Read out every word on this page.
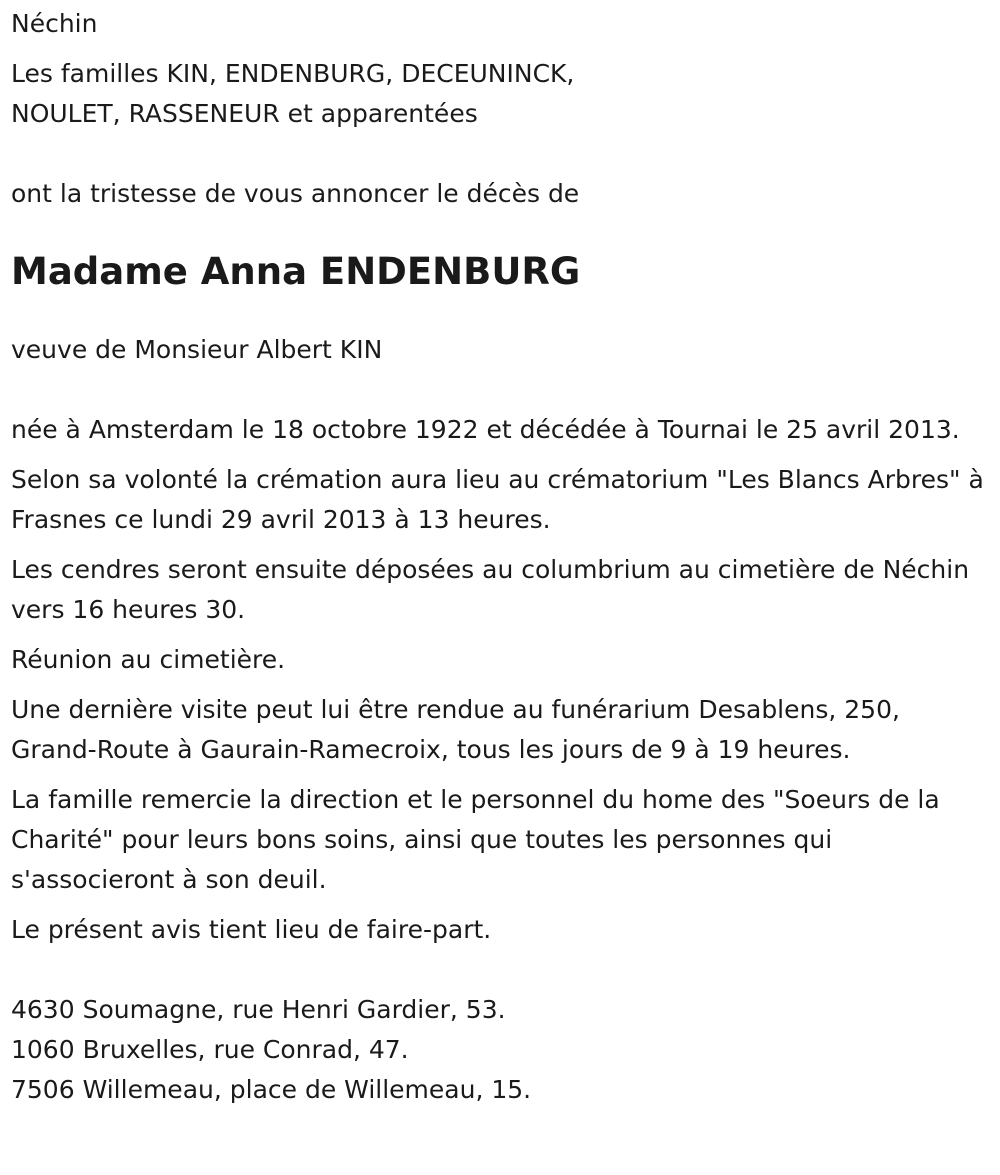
Néchin

Les familles KIN, ENDENBURG, DECEUNINCK,

NOULET, RASSENEUR et apparentées

ont la tristesse de vous annoncer le décès de

Madame Anna ENDENBURG

veuve de Monsieur Albert KIN

née à Amsterdam le 18 octobre 1922 et décédée à Tournai le 25 avril 2013.

Selon sa volonté la crémation aura lieu au crématorium "Les Blancs Arbres" à Frasnes ce lundi 29 avril 2013 à 13 heures.

Les cendres seront ensuite déposées au columbrium au cimetière de Néchin vers 16 heures 30.

Réunion au cimetière.

Une dernière visite peut lui être rendue au funérarium Desablens, 250, Grand-Route à Gaurain-Ramecroix, tous les jours de 9 à 19 heures.

La famille remercie la direction et le personnel du home des "Soeurs de la Charité" pour leurs bons soins, ainsi que toutes les personnes qui s'associeront à son deuil.

Le présent avis tient lieu de faire-part.

4630 Soumagne, rue Henri Gardier, 53.

1060 Bruxelles, rue Conrad, 47.

7506 Willemeau, place de Willemeau, 15.
